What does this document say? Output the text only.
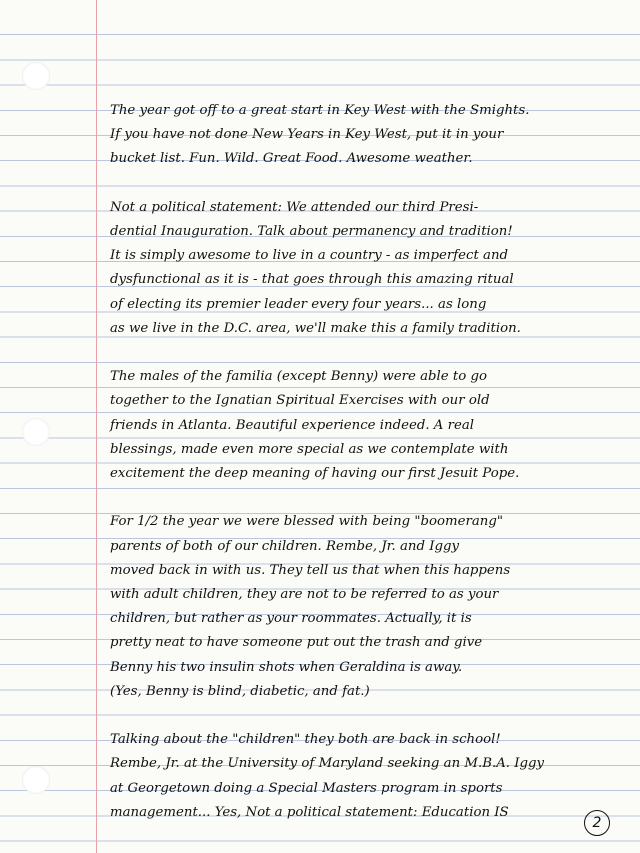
The year got off to a great start in Key West with the Smights.
If you have not done New Years in Key West, put it in your
bucket list. Fun. Wild. Great Food. Awesome weather.
Not a political statement: We attended our third Presi-
dential Inauguration. Talk about permanency and tradition!
It is simply awesome to live in a country - as imperfect and
dysfunctional as it is - that goes through this amazing ritual
of electing its premier leader every four years... as long
as we live in the D.C. area, we'll make this a family tradition.
The males of the familia (except Benny) were able to go
together to the Ignatian Spiritual Exercises with our old
friends in Atlanta. Beautiful experience indeed. A real
blessings, made even more special as we contemplate with
excitement the deep meaning of having our first Jesuit Pope.
For 1/2 the year we were blessed with being "boomerang"
parents of both of our children. Rembe, Jr. and Iggy
moved back in with us. They tell us that when this happens
with adult children, they are not to be referred to as your
children, but rather as your roommates. Actually, it is
pretty neat to have someone put out the trash and give
Benny his two insulin shots when Geraldina is away.
(Yes, Benny is blind, diabetic, and fat.)
Talking about the "children" they both are back in school!
Rembe, Jr. at the University of Maryland seeking an M.B.A. Iggy
at Georgetown doing a Special Masters program in sports
management... Yes, Not a political statement: Education IS
2
